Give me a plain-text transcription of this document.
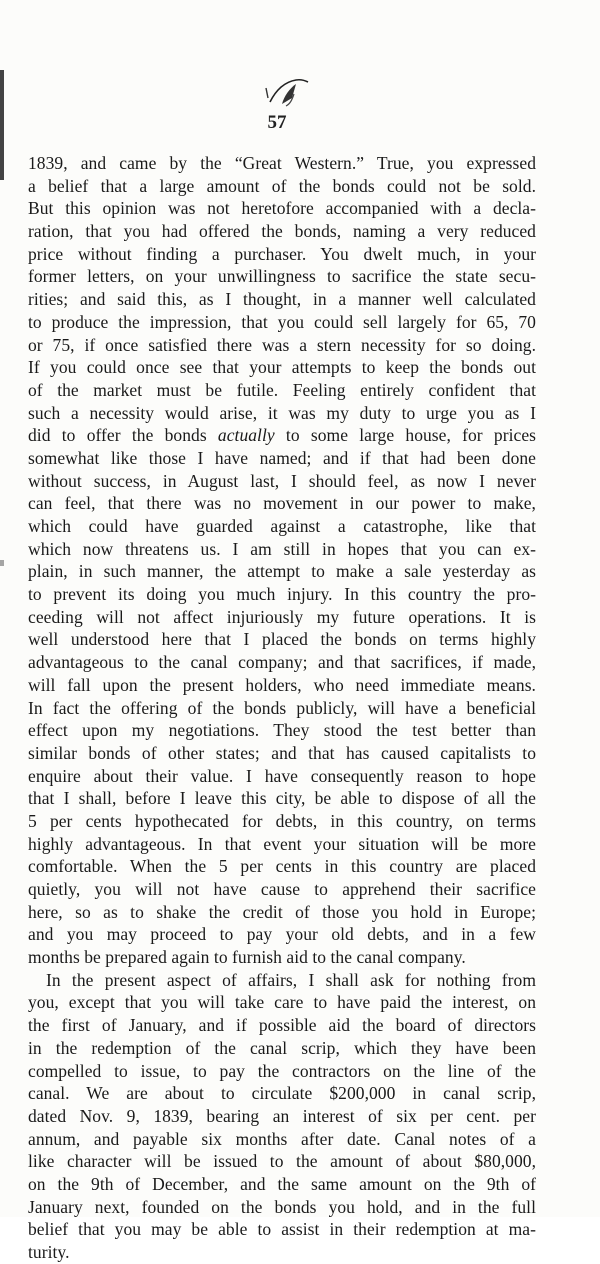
57
1839, and came by the “Great Western.” True, you expressed
a belief that a large amount of the bonds could not be sold.
But this opinion was not heretofore accompanied with a decla-
ration, that you had offered the bonds, naming a very reduced
price without finding a purchaser. You dwelt much, in your
former letters, on your unwillingness to sacrifice the state secu-
rities; and said this, as I thought, in a manner well calculated
to produce the impression, that you could sell largely for 65, 70
or 75, if once satisfied there was a stern necessity for so doing.
If you could once see that your attempts to keep the bonds out
of the market must be futile. Feeling entirely confident that
such a necessity would arise, it was my duty to urge you as I
did to offer the bonds actually to some large house, for prices
somewhat like those I have named; and if that had been done
without success, in August last, I should feel, as now I never
can feel, that there was no movement in our power to make,
which could have guarded against a catastrophe, like that
which now threatens us. I am still in hopes that you can ex-
plain, in such manner, the attempt to make a sale yesterday as
to prevent its doing you much injury. In this country the pro-
ceeding will not affect injuriously my future operations. It is
well understood here that I placed the bonds on terms highly
advantageous to the canal company; and that sacrifices, if made,
will fall upon the present holders, who need immediate means.
In fact the offering of the bonds publicly, will have a beneficial
effect upon my negotiations. They stood the test better than
similar bonds of other states; and that has caused capitalists to
enquire about their value. I have consequently reason to hope
that I shall, before I leave this city, be able to dispose of all the
5 per cents hypothecated for debts, in this country, on terms
highly advantageous. In that event your situation will be more
comfortable. When the 5 per cents in this country are placed
quietly, you will not have cause to apprehend their sacrifice
here, so as to shake the credit of those you hold in Europe;
and you may proceed to pay your old debts, and in a few
months be prepared again to furnish aid to the canal company.
In the present aspect of affairs, I shall ask for nothing from
you, except that you will take care to have paid the interest, on
the first of January, and if possible aid the board of directors
in the redemption of the canal scrip, which they have been
compelled to issue, to pay the contractors on the line of the
canal. We are about to circulate $200,000 in canal scrip,
dated Nov. 9, 1839, bearing an interest of six per cent. per
annum, and payable six months after date. Canal notes of a
like character will be issued to the amount of about $80,000,
on the 9th of December, and the same amount on the 9th of
January next, founded on the bonds you hold, and in the full
belief that you may be able to assist in their redemption at ma-
turity.
